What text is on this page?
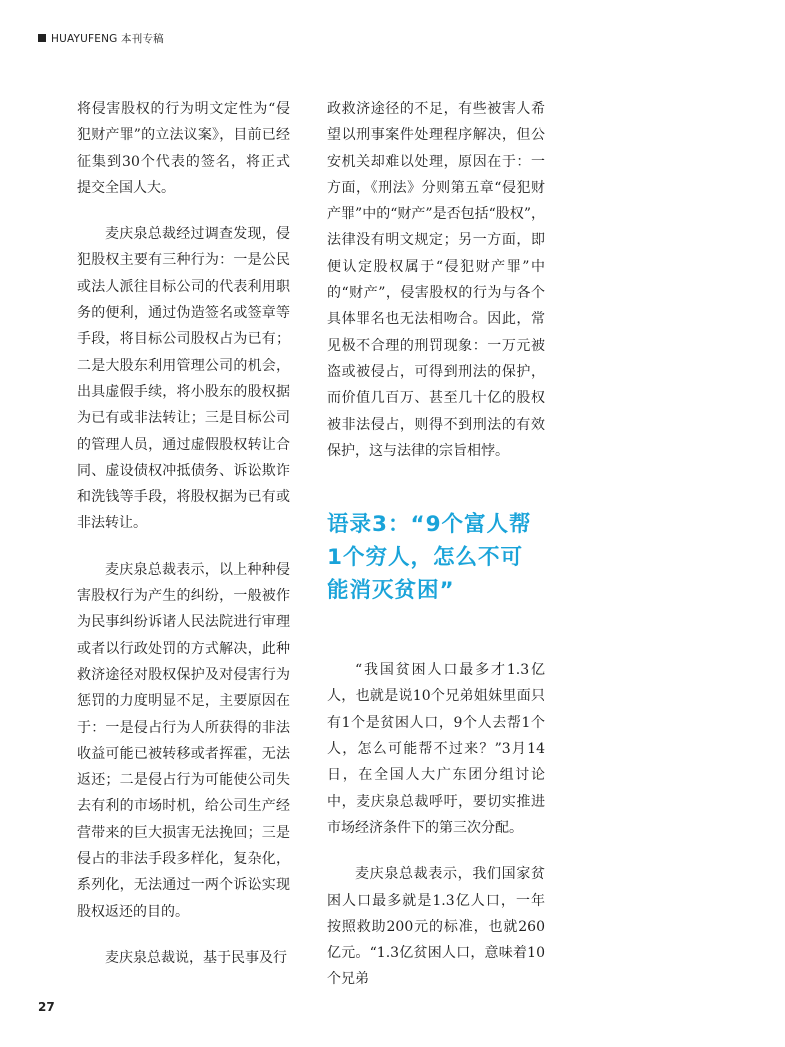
HUAYUFENG 本刊专稿

将侵害股权的行为明文定性为“侵犯财产罪”的立法议案》，目前已经征集到30个代表的签名，将正式提交全国人大。

麦庆泉总裁经过调查发现，侵犯股权主要有三种行为：一是公民或法人派往目标公司的代表利用职务的便利，通过伪造签名或签章等手段，将目标公司股权占为已有；二是大股东利用管理公司的机会，出具虚假手续，将小股东的股权据为已有或非法转让；三是目标公司的管理人员，通过虚假股权转让合同、虚设债权冲抵债务、诉讼欺诈和洗钱等手段，将股权据为已有或非法转让。

麦庆泉总裁表示，以上种种侵害股权行为产生的纠纷，一般被作为民事纠纷诉诸人民法院进行审理或者以行政处罚的方式解决，此种救济途径对股权保护及对侵害行为惩罚的力度明显不足，主要原因在于：一是侵占行为人所获得的非法收益可能已被转移或者挥霍，无法返还；二是侵占行为可能使公司失去有利的市场时机，给公司生产经营带来的巨大损害无法挽回；三是侵占的非法手段多样化，复杂化，系列化，无法通过一两个诉讼实现股权返还的目的。

麦庆泉总裁说，基于民事及行

政救济途径的不足，有些被害人希望以刑事案件处理程序解决，但公安机关却难以处理，原因在于：一方面，《刑法》分则第五章“侵犯财产罪”中的“财产”是否包括“股权”，法律没有明文规定；另一方面，即便认定股权属于“侵犯财产罪”中的“财产”，侵害股权的行为与各个具体罪名也无法相吻合。因此，常见极不合理的刑罚现象：一万元被盗或被侵占，可得到刑法的保护，而价值几百万、甚至几十亿的股权被非法侵占，则得不到刑法的有效保护，这与法律的宗旨相悖。

语录3：“9个富人帮1个穷人，怎么不可能消灭贫困”

“我国贫困人口最多才1.3亿人，也就是说10个兄弟姐妹里面只有1个是贫困人口，9个人去帮1个人，怎么可能帮不过来？”3月14日，在全国人大广东团分组讨论中，麦庆泉总裁呼吁，要切实推进市场经济条件下的第三次分配。

麦庆泉总裁表示，我们国家贫困人口最多就是1.3亿人口，一年按照救助200元的标准，也就260亿元。“1.3亿贫困人口，意味着10个兄弟

27
